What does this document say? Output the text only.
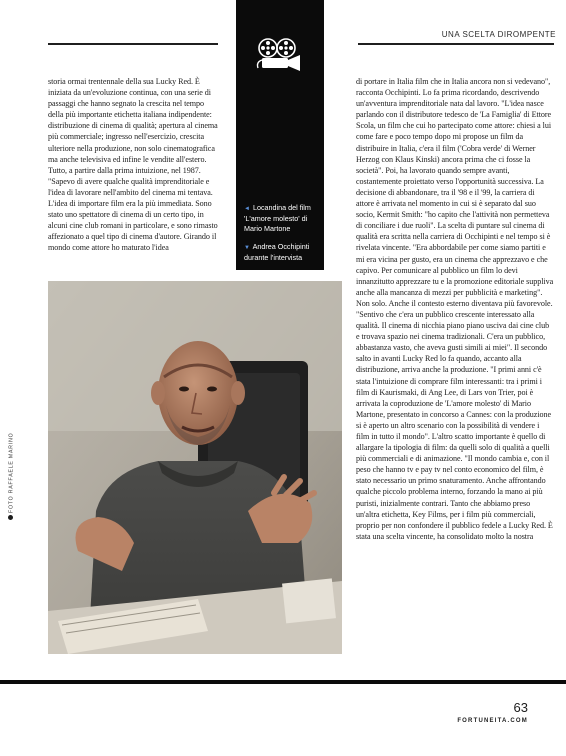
UNA SCELTA DIROMPENTE
storia ormai trentennale della sua Lucky Red. È iniziata da un'evoluzione continua, con una serie di passaggi che hanno segnato la crescita nel tempo della più importante etichetta italiana indipendente: distribuzione di cinema di qualità; apertura al cinema più commerciale; ingresso nell'esercizio, crescita ulteriore nella produzione, non solo cinematografica ma anche televisiva ed infine le vendite all'estero. Tutto, a partire dalla prima intuizione, nel 1987. "Sapevo di avere qualche qualità imprenditoriale e l'idea di lavorare nell'ambito del cinema mi tentava. L'idea di importare film era la più immediata. Sono stato uno spettatore di cinema di un certo tipo, in alcuni cine club romani in particolare, e sono rimasto affezionato a quel tipo di cinema d'autore. Girando il mondo come attore ho maturato l'idea
◄ Locandina del film 'L'amore molesto' di Mario Martone
▼ Andrea Occhipinti durante l'intervista
di portare in Italia film che in Italia ancora non si vedevano", racconta Occhipinti. Lo fa prima ricordando, descrivendo un'avventura imprenditoriale nata dal lavoro. "L'idea nasce parlando con il distributore tedesco de 'La Famiglia' di Ettore Scola, un film che cui ho partecipato come attore: chiesi a lui come fare e poco tempo dopo mi propose un film da distribuire in Italia, c'era il film ('Cobra verde' di Werner Herzog con Klaus Kinski) ancora prima che ci fosse la società". Poi, ha lavorato quando sempre avanti, costantemente proiettato verso l'opportunità successiva. La decisione di abbandonare, tra il '98 e il '99, la carriera di attore è arrivata nel momento in cui si è separato dal suo socio, Kermit Smith: "ho capito che l'attività non permetteva di conciliare i due ruoli". La scelta di puntare sul cinema di qualità era scritta nella carriera di Occhipinti e nel tempo si è rivelata vincente. "Era abbordabile per come siamo partiti e mi era vicina per gusto, era un cinema che apprezzavo e che capivo. Per comunicare al pubblico un film lo devi innanzitutto apprezzare tu e la promozione editoriale suppliva anche alla mancanza di mezzi per pubblicità e marketing". Non solo. Anche il contesto esterno diventava più favorevole. "Sentivo che c'era un pubblico crescente interessato alla qualità. Il cinema di nicchia piano piano usciva dai cine club e trovava spazio nei cinema tradizionali. C'era un pubblico, abbastanza vasto, che aveva gusti simili ai miei". Il secondo salto in avanti Lucky Red lo fa quando, accanto alla distribuzione, arriva anche la produzione. "I primi anni c'è stata l'intuizione di comprare film interessanti: tra i primi i film di Kaurismaki, di Ang Lee, di Lars von Trier, poi è arrivata la coproduzione de 'L'amore molesto' di Mario Martone, presentato in concorso a Cannes: con la produzione si è aperto un altro scenario con la possibilità di vendere i film in tutto il mondo". L'altro scatto importante è quello di allargare la tipologia di film: da quelli solo di qualità a quelli più commerciali e di animazione. "Il mondo cambia e, con il peso che hanno tv e pay tv nel conto economico del film, è stato necessario un primo snaturamento. Anche affrontando qualche piccolo problema interno, forzando la mano ai più puristi, inizialmente contrari. Tanto che abbiamo preso un'altra etichetta, Key Films, per i film più commerciali, proprio per non confondere il pubblico fedele a Lucky Red. È stata una scelta vincente, ha consolidato molto la nostra
FOTO RAFFAELE MARINO
63
FORTUNEITA.COM
